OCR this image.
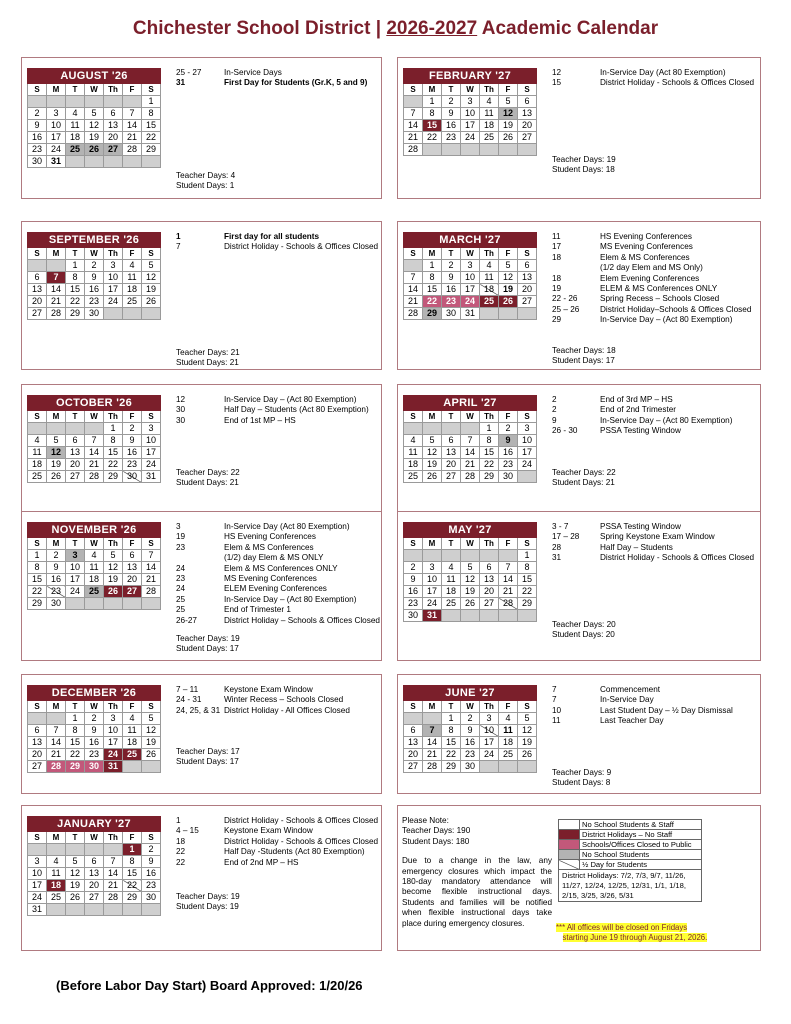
Chichester School District | 2026-2027 Academic Calendar
AUGUST '26						
S	M	T	W	Th	F	S
						1
2	3	4	5	6	7	8
9	10	11	12	13	14	15
16	17	18	19	20	21	22
23	24	25	26	27	28	29
30	31					
25 - 27	In-Service Days
31	First Day for Students (Gr.K, 5 and 9)
Teacher Days: 4
Student Days: 1
FEBRUARY '27						
S	M	T	W	Th	F	S
	1	2	3	4	5	6
7	8	9	10	11	12	13
14	15	16	17	18	19	20
21	22	23	24	25	26	27
28						
12	In-Service Day (Act 80 Exemption)
15	District Holiday - Schools & Offices Closed
Teacher Days: 19
Student Days: 18
SEPTEMBER '26						
S	M	T	W	Th	F	S
		1	2	3	4	5
6	7	8	9	10	11	12
13	14	15	16	17	18	19
20	21	22	23	24	25	26
27	28	29	30			
1	First day for all students
7	District Holiday - Schools & Offices Closed
Teacher Days: 21
Student Days: 21
MARCH '27						
S	M	T	W	Th	F	S
	1	2	3	4	5	6
7	8	9	10	11	12	13
14	15	16	17	18	19	20
21	22	23	24	25	26	27
28	29	30	31			
11	HS Evening Conferences
17	MS Evening Conferences
18	Elem & MS Conferences
(1/2 day Elem and MS Only)
18	Elem Evening Conferences
19	ELEM & MS Conferences ONLY
22 - 26	Spring Recess – Schools Closed
25 – 26	District Holiday–Schools & Offices Closed
29	In-Service Day – (Act 80 Exemption)
Teacher Days: 18
Student Days: 17
OCTOBER '26						
S	M	T	W	Th	F	S
				1	2	3
4	5	6	7	8	9	10
11	12	13	14	15	16	17
18	19	20	21	22	23	24
25	26	27	28	29	30	31
12	In-Service Day – (Act 80 Exemption)
30	Half Day – Students (Act 80 Exemption)
30	End of 1st MP – HS
Teacher Days: 22
Student Days: 21
APRIL '27						
S	M	T	W	Th	F	S
				1	2	3
4	5	6	7	8	9	10
11	12	13	14	15	16	17
18	19	20	21	22	23	24
25	26	27	28	29	30	
2	End of 3rd MP – HS
2	End of 2nd Trimester
9	In-Service Day – (Act 80 Exemption)
26 - 30	PSSA Testing Window
Teacher Days: 22
Student Days: 21
NOVEMBER '26						
S	M	T	W	Th	F	S
1	2	3	4	5	6	7
8	9	10	11	12	13	14
15	16	17	18	19	20	21
22	23	24	25	26	27	28
29	30					
3	In-Service Day (Act 80 Exemption)
19	HS Evening Conferences
23	Elem & MS Conferences
(1/2) day Elem & MS ONLY
24	Elem & MS Conferences ONLY
23	MS Evening Conferences
24	ELEM Evening Conferences
25	In-Service Day – (Act 80 Exemption)
25	End of Trimester 1
26-27	District Holiday – Schools & Offices Closed
Teacher Days: 19
Student Days: 17
MAY '27						
S	M	T	W	Th	F	S
						1
2	3	4	5	6	7	8
9	10	11	12	13	14	15
16	17	18	19	20	21	22
23	24	25	26	27	28	29
30	31					
3 - 7	PSSA Testing Window
17 – 28	Spring Keystone Exam Window
28	Half Day – Students
31	District Holiday - Schools & Offices Closed
Teacher Days: 20
Student Days: 20
DECEMBER '26						
S	M	T	W	Th	F	S
		1	2	3	4	5
6	7	8	9	10	11	12
13	14	15	16	17	18	19
20	21	22	23	24	25	26
27	28	29	30	31		
7 – 11	Keystone Exam Window
24 - 31	Winter Recess – Schools Closed
24, 25, & 31 District Holiday - All Offices Closed
Teacher Days: 17
Student Days: 17
JUNE '27						
S	M	T	W	Th	F	S
		1	2	3	4	5
6	7	8	9	10	11	12
13	14	15	16	17	18	19
20	21	22	23	24	25	26
27	28	29	30			
7	Commencement
7	In-Service Day
10	Last Student Day – ½ Day Dismissal
11	Last Teacher Day
Teacher Days: 9
Student Days: 8
JANUARY '27						
S	M	T	W	Th	F	S
					1	2
3	4	5	6	7	8	9
10	11	12	13	14	15	16
17	18	19	20	21	22	23
24	25	26	27	28	29	30
31						
1	District Holiday - Schools & Offices Closed
4 – 15	Keystone Exam Window
18	District Holiday - Schools & Offices Closed
22	Half Day -Students (Act 80 Exemption)
22	End of 2nd MP – HS
Teacher Days: 19
Student Days: 19
Please Note:
Teacher Days: 190
Student Days: 180
Due to a change in the law, any emergency closures which impact the 180-day mandatory attendance will become flexible instructional days. Students and families will be notified when flexible instructional days take place during emergency closures.
	No School Students & Staff
	District Holidays – No Staff
	Schools/Offices Closed to Public
	No School Students
	½ Day for Students
District Holidays: 7/2, 7/3, 9/7, 11/26, 11/27, 12/24, 12/25, 12/31, 1/1, 1/18, 2/15, 3/25, 3/26, 5/31	
*** All offices will be closed on Fridays
starting June 19 through August 21, 2026.
(Before Labor Day Start) Board Approved: 1/20/26
